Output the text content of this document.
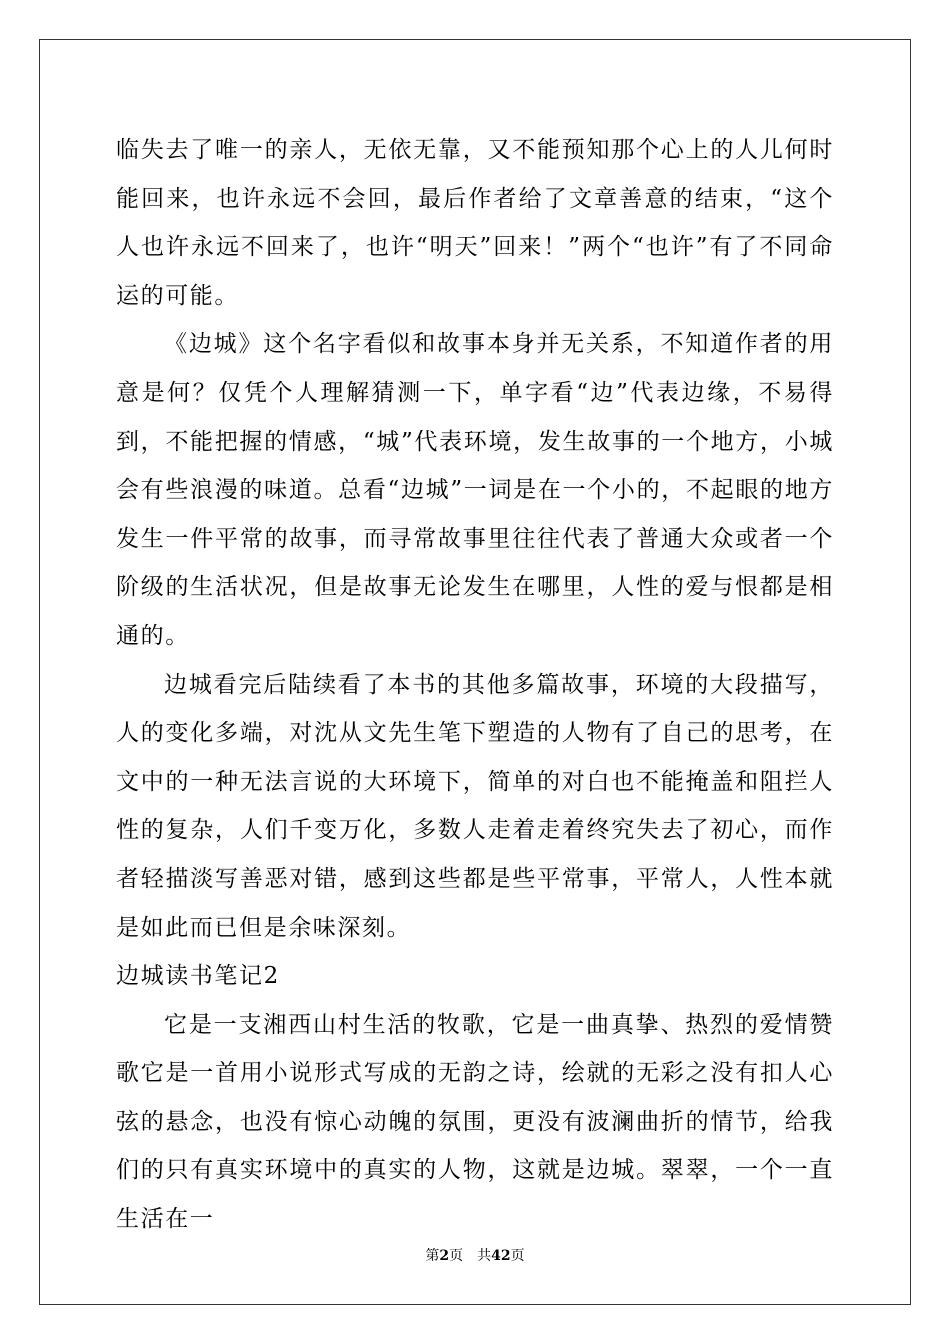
临失去了唯一的亲人，无依无靠，又不能预知那个心上的人儿何时能回来，也许永远不会回，最后作者给了文章善意的结束，“这个人也许永远不回来了，也许“明天”回来！”两个“也许”有了不同命运的可能。

《边城》这个名字看似和故事本身并无关系，不知道作者的用意是何？仅凭个人理解猜测一下，单字看“边”代表边缘，不易得到，不能把握的情感，“城”代表环境，发生故事的一个地方，小城会有些浪漫的味道。总看“边城”一词是在一个小的，不起眼的地方发生一件平常的故事，而寻常故事里往往代表了普通大众或者一个阶级的生活状况，但是故事无论发生在哪里，人性的爱与恨都是相通的。

边城看完后陆续看了本书的其他多篇故事，环境的大段描写，人的变化多端，对沈从文先生笔下塑造的人物有了自己的思考，在文中的一种无法言说的大环境下，简单的对白也不能掩盖和阻拦人性的复杂，人们千变万化，多数人走着走着终究失去了初心，而作者轻描淡写善恶对错，感到这些都是些平常事，平常人，人性本就是如此而已但是余味深刻。

边城读书笔记2

它是一支湘西山村生活的牧歌，它是一曲真挚、热烈的爱情赞歌它是一首用小说形式写成的无韵之诗，绘就的无彩之没有扣人心弦的悬念，也没有惊心动魄的氛围，更没有波澜曲折的情节，给我们的只有真实环境中的真实的人物，这就是边城。翠翠，一个一直生活在一

第2页　共42页
